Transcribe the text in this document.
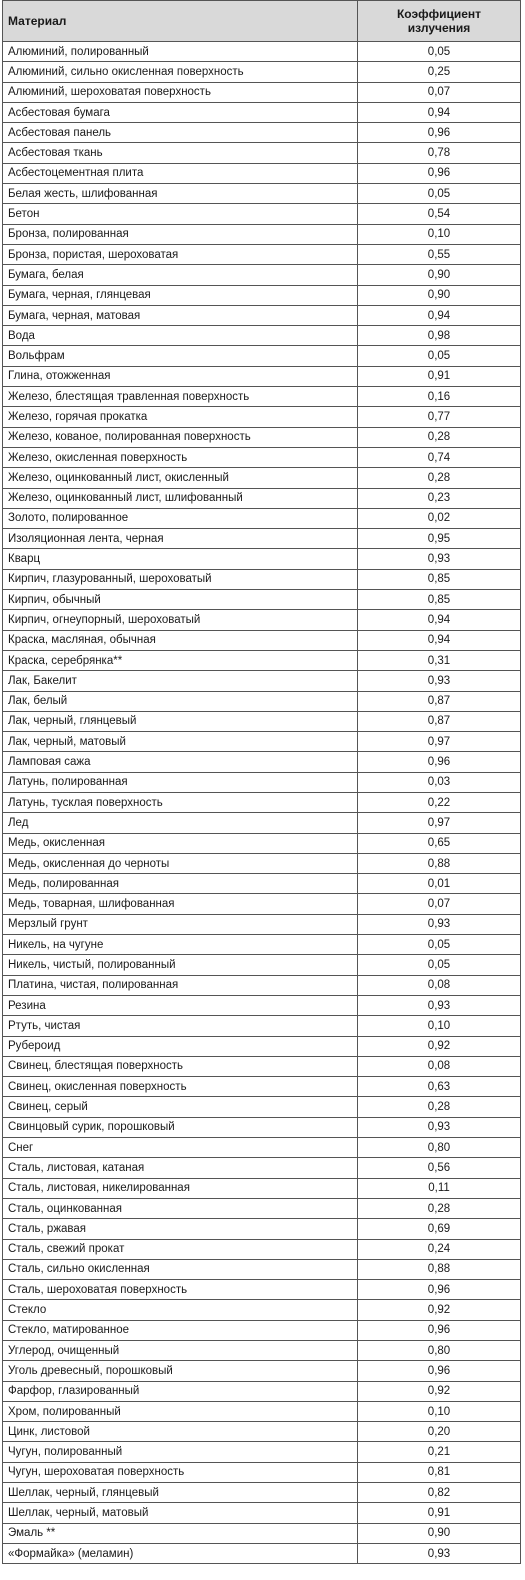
Материал	Коэффициент
излучения
Алюминий, полированный	0,05
Алюминий, сильно окисленная поверхность	0,25
Алюминий, шероховатая поверхность	0,07
Асбестовая бумага	0,94
Асбестовая панель	0,96
Асбестовая ткань	0,78
Асбестоцементная плита	0,96
Белая жесть, шлифованная	0,05
Бетон	0,54
Бронза, полированная	0,10
Бронза, пористая, шероховатая	0,55
Бумага, белая	0,90
Бумага, черная, глянцевая	0,90
Бумага, черная, матовая	0,94
Вода	0,98
Вольфрам	0,05
Глина, отожженная	0,91
Железо, блестящая травленная поверхность	0,16
Железо, горячая прокатка	0,77
Железо, кованое, полированная поверхность	0,28
Железо, окисленная поверхность	0,74
Железо, оцинкованный лист, окисленный	0,28
Железо, оцинкованный лист, шлифованный	0,23
Золото, полированное	0,02
Изоляционная лента, черная	0,95
Кварц	0,93
Кирпич, глазурованный, шероховатый	0,85
Кирпич, обычный	0,85
Кирпич, огнеупорный, шероховатый	0,94
Краска, масляная, обычная	0,94
Краска, серебрянка**	0,31
Лак, Бакелит	0,93
Лак, белый	0,87
Лак, черный, глянцевый	0,87
Лак, черный, матовый	0,97
Ламповая сажа	0,96
Латунь, полированная	0,03
Латунь, тусклая поверхность	0,22
Лед	0,97
Медь, окисленная	0,65
Медь, окисленная до черноты	0,88
Медь, полированная	0,01
Медь, товарная, шлифованная	0,07
Мерзлый грунт	0,93
Никель, на чугуне	0,05
Никель, чистый, полированный	0,05
Платина, чистая, полированная	0,08
Резина	0,93
Ртуть, чистая	0,10
Рубероид	0,92
Свинец, блестящая поверхность	0,08
Свинец, окисленная поверхность	0,63
Свинец, серый	0,28
Свинцовый сурик, порошковый	0,93
Снег	0,80
Сталь, листовая, катаная	0,56
Сталь, листовая, никелированная	0,11
Сталь, оцинкованная	0,28
Сталь, ржавая	0,69
Сталь, свежий прокат	0,24
Сталь, сильно окисленная	0,88
Сталь, шероховатая поверхность	0,96
Стекло	0,92
Стекло, матированное	0,96
Углерод, очищенный	0,80
Уголь древесный, порошковый	0,96
Фарфор, глазированный	0,92
Хром, полированный	0,10
Цинк, листовой	0,20
Чугун, полированный	0,21
Чугун, шероховатая поверхность	0,81
Шеллак, черный, глянцевый	0,82
Шеллак, черный, матовый	0,91
Эмаль **	0,90
«Формайка» (меламин)	0,93
